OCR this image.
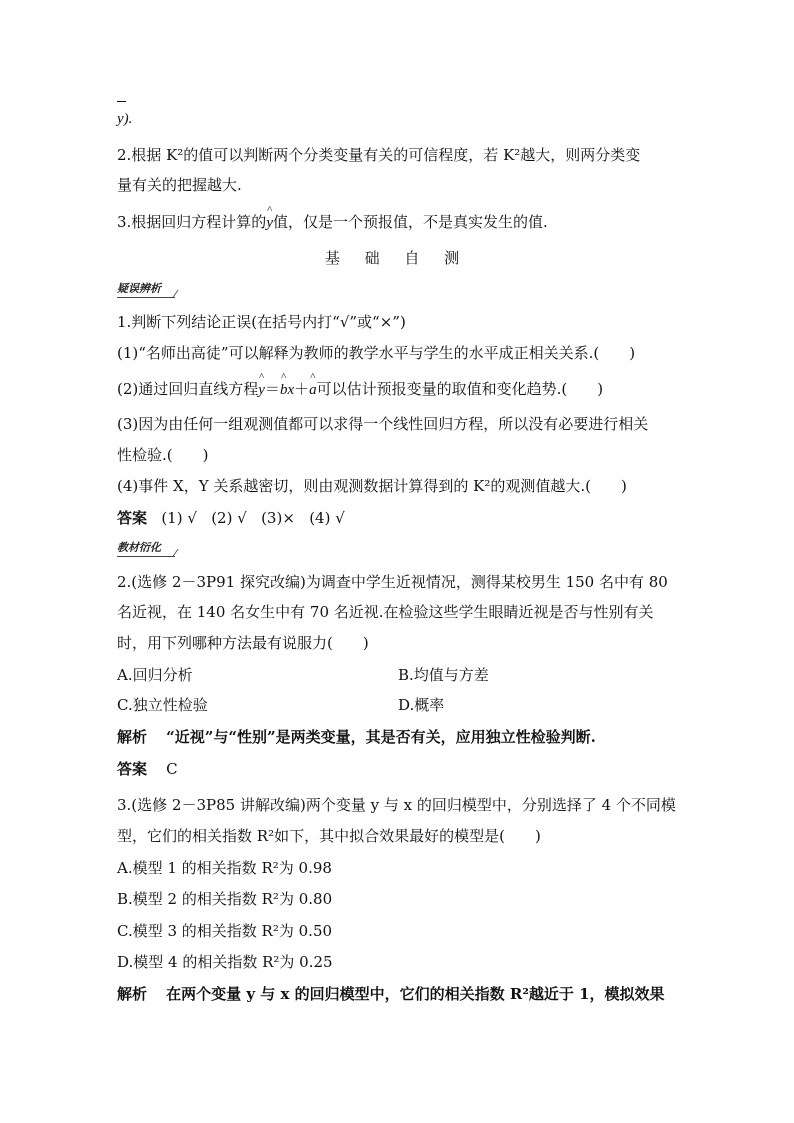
y).
2.根据 K²的值可以判断两个分类变量有关的可信程度，若 K²越大，则两分类变
量有关的把握越大.
3.根据回归方程计算的^ y值，仅是一个预报值，不是真实发生的值.
基 础 自 测
疑误辨析
1.判断下列结论正误(在括号内打“√”或“×”)
(1)“名师出高徒”可以解释为教师的教学水平与学生的水平成正相关关系.( )
(2)通过回归直线方程^ y＝^ bx＋^ a可以估计预报变量的取值和变化趋势.( )
(3)因为由任何一组观测值都可以求得一个线性回归方程，所以没有必要进行相关
性检验.( )
(4)事件 X，Y 关系越密切，则由观测数据计算得到的 K²的观测值越大.( )
答案 (1) √   (2) √   (3)×   (4) √
教材衍化
2.(选修 2－3P91 探究改编)为调查中学生近视情况，测得某校男生 150 名中有 80
名近视，在 140 名女生中有 70 名近视.在检验这些学生眼睛近视是否与性别有关
时，用下列哪种方法最有说服力( )
A.回归分析	B.均值与方差
C.独立性检验	D.概率
解析 “近视”与“性别”是两类变量，其是否有关，应用独立性检验判断.
答案 C
3.(选修 2－3P85 讲解改编)两个变量 y 与 x 的回归模型中，分别选择了 4 个不同模
型，它们的相关指数 R²如下，其中拟合效果最好的模型是( )
A.模型 1 的相关指数 R²为 0.98
B.模型 2 的相关指数 R²为 0.80
C.模型 3 的相关指数 R²为 0.50
D.模型 4 的相关指数 R²为 0.25
解析 在两个变量 y 与 x 的回归模型中，它们的相关指数 R²越近于 1，模拟效果
